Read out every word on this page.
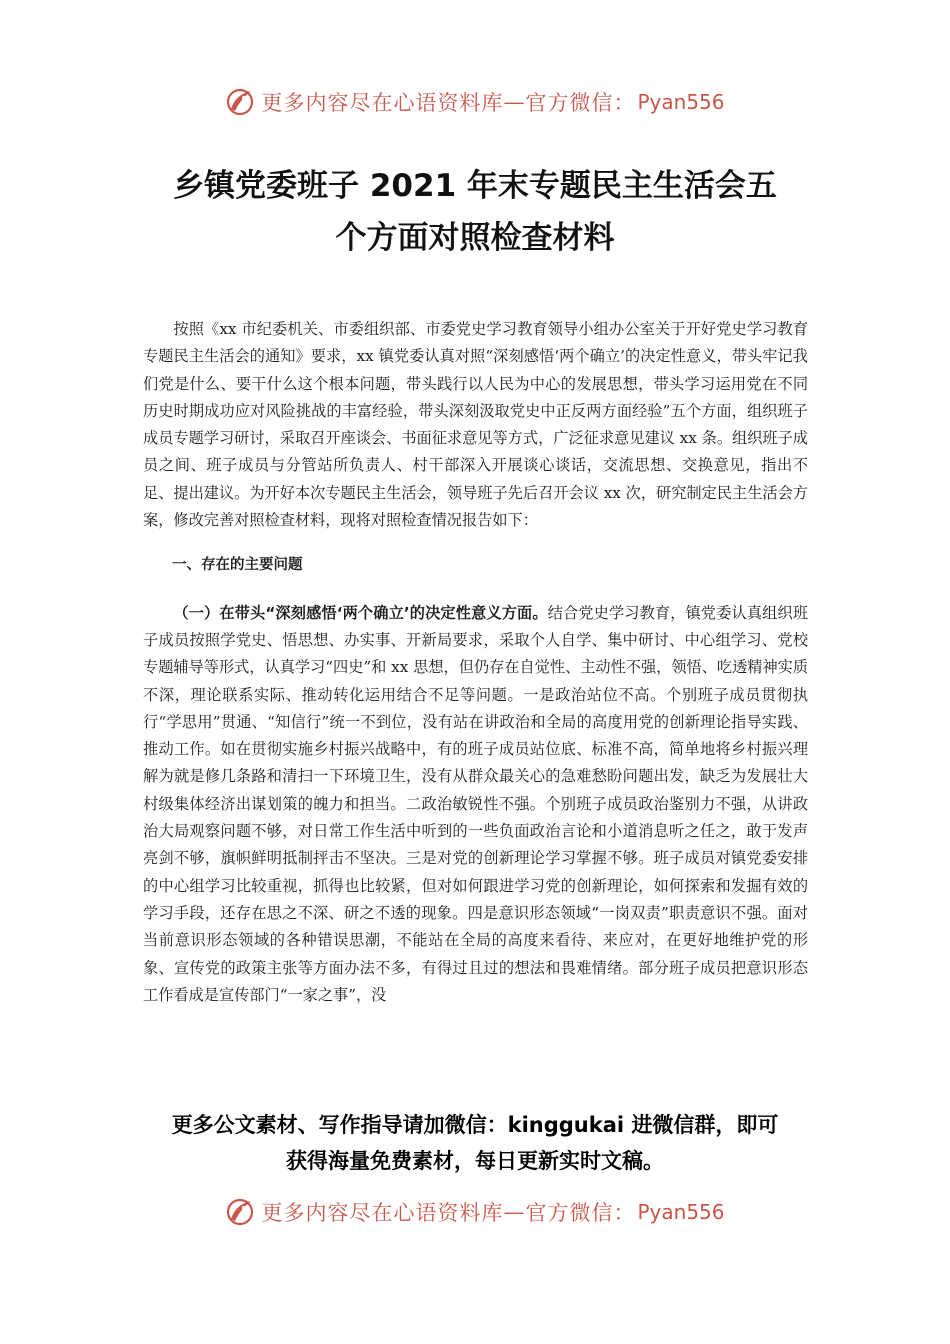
更多内容尽在心语资料库 — 官方微信： Pyan556
乡镇党委班子 2021 年末专题民主生活会五
个方面对照检查材料

按照《xx 市纪委机关、市委组织部、市委党史学习教育领导小组办公室关于开好党史学习教育专题民主生活会的通知》要求，xx 镇党委认真对照“深刻感悟‘两个确立’的决定性意义，带头牢记我们党是什么、要干什么这个根本问题，带头践行以人民为中心的发展思想，带头学习运用党在不同历史时期成功应对风险挑战的丰富经验，带头深刻汲取党史中正反两方面经验”五个方面，组织班子成员专题学习研讨，采取召开座谈会、书面征求意见等方式，广泛征求意见建议 xx 条。组织班子成员之间、班子成员与分管站所负责人、村干部深入开展谈心谈话，交流思想、交换意见，指出不足、提出建议。为开好本次专题民主生活会，领导班子先后召开会议 xx 次，研究制定民主生活会方案，修改完善对照检查材料，现将对照检查情况报告如下：

一、存在的主要问题

（一）在带头“深刻感悟‘两个确立’的决定性意义方面。结合党史学习教育，镇党委认真组织班子成员按照学党史、悟思想、办实事、开新局要求，采取个人自学、集中研讨、中心组学习、党校专题辅导等形式，认真学习“四史”和 xx 思想，但仍存在自觉性、主动性不强，领悟、吃透精神实质不深，理论联系实际、推动转化运用结合不足等问题。一是政治站位不高。个别班子成员贯彻执行“学思用”贯通、“知信行”统一不到位，没有站在讲政治和全局的高度用党的创新理论指导实践、推动工作。如在贯彻实施乡村振兴战略中，有的班子成员站位底、标准不高，简单地将乡村振兴理解为就是修几条路和清扫一下环境卫生，没有从群众最关心的急难愁盼问题出发，缺乏为发展壮大村级集体经济出谋划策的魄力和担当。二政治敏锐性不强。个别班子成员政治鉴别力不强，从讲政治大局观察问题不够，对日常工作生活中听到的一些负面政治言论和小道消息听之任之，敢于发声亮剑不够，旗帜鲜明抵制抨击不坚决。三是对党的创新理论学习掌握不够。班子成员对镇党委安排的中心组学习比较重视，抓得也比较紧，但对如何跟进学习党的创新理论，如何探索和发掘有效的学习手段，还存在思之不深、研之不透的现象。四是意识形态领域“一岗双责”职责意识不强。面对当前意识形态领域的各种错误思潮，不能站在全局的高度来看待、来应对，在更好地维护党的形象、宣传党的政策主张等方面办法不多，有得过且过的想法和畏难情绪。部分班子成员把意识形态工作看成是宣传部门“一家之事”，没

更多公文素材、写作指导请加微信：kinggukai 进微信群，即可
获得海量免费素材，每日更新实时文稿。
更多内容尽在心语资料库 — 官方微信： Pyan556
